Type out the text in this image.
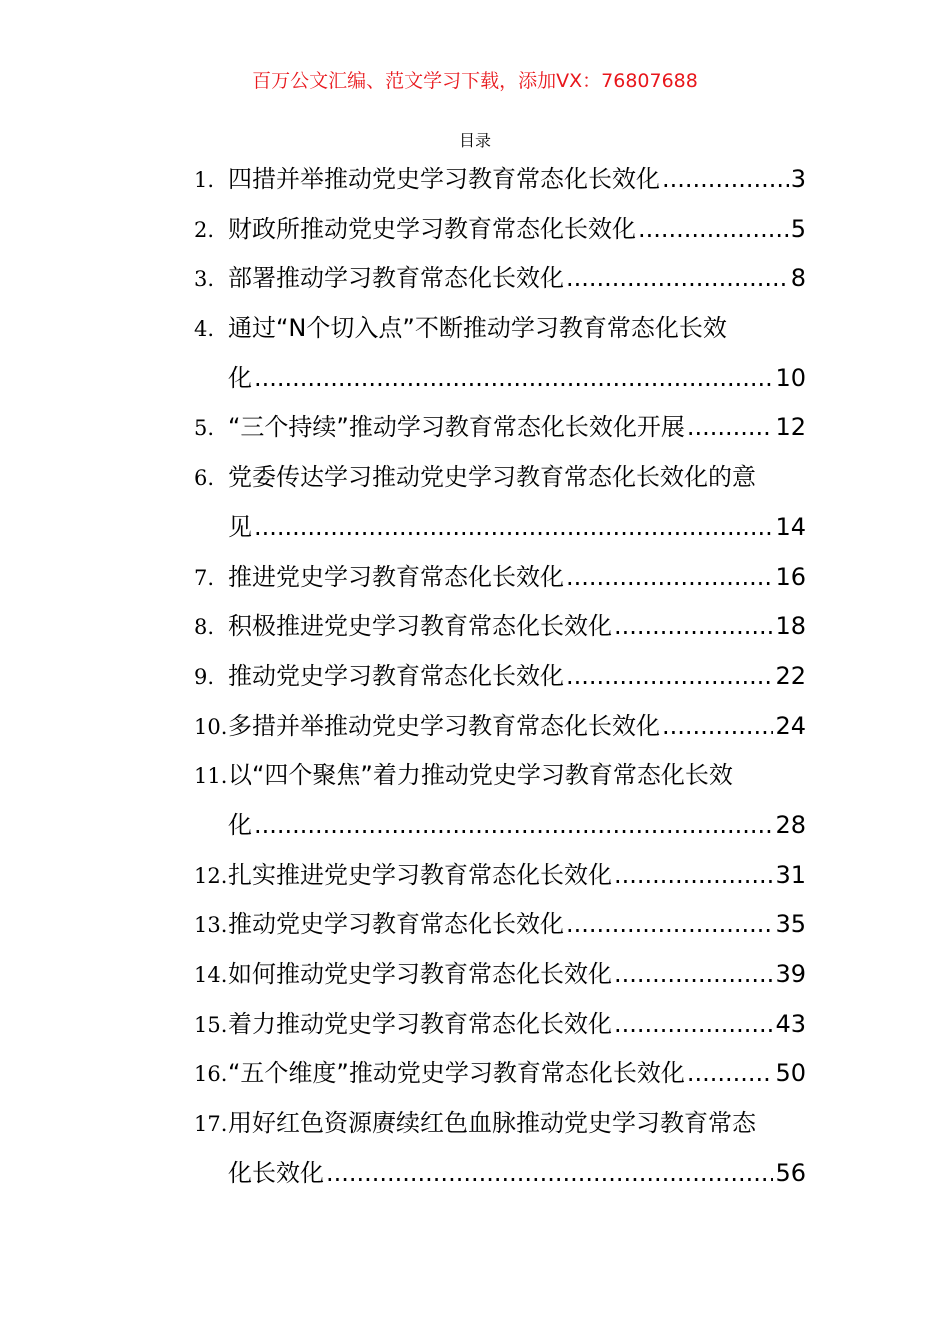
百万公文汇编、范文学习下载，添加VX：76807688
目录
1. 四措并举推动党史学习教育常态化长效化 .....	3
2. 财政所推动党史学习教育常态化长效化 .....	5
3. 部署推动学习教育常态化长效化 .....	8
4. 通过“N个切入点”不断推动学习教育常态化长效
化 .....	10
5. “三个持续”推动学习教育常态化长效化开展 .....	12
6. 党委传达学习推动党史学习教育常态化长效化的意
见 .....	14
7. 推进党史学习教育常态化长效化 .....	16
8. 积极推进党史学习教育常态化长效化 .....	18
9. 推动党史学习教育常态化长效化 .....	22
10. 多措并举推动党史学习教育常态化长效化 .....	24
11. 以“四个聚焦”着力推动党史学习教育常态化长效
化 .....	28
12. 扎实推进党史学习教育常态化长效化 .....	31
13. 推动党史学习教育常态化长效化 .....	35
14. 如何推动党史学习教育常态化长效化 .....	39
15. 着力推动党史学习教育常态化长效化 .....	43
16. “五个维度”推动党史学习教育常态化长效化 .....	50
17. 用好红色资源赓续红色血脉推动党史学习教育常态
化长效化 .....	56
